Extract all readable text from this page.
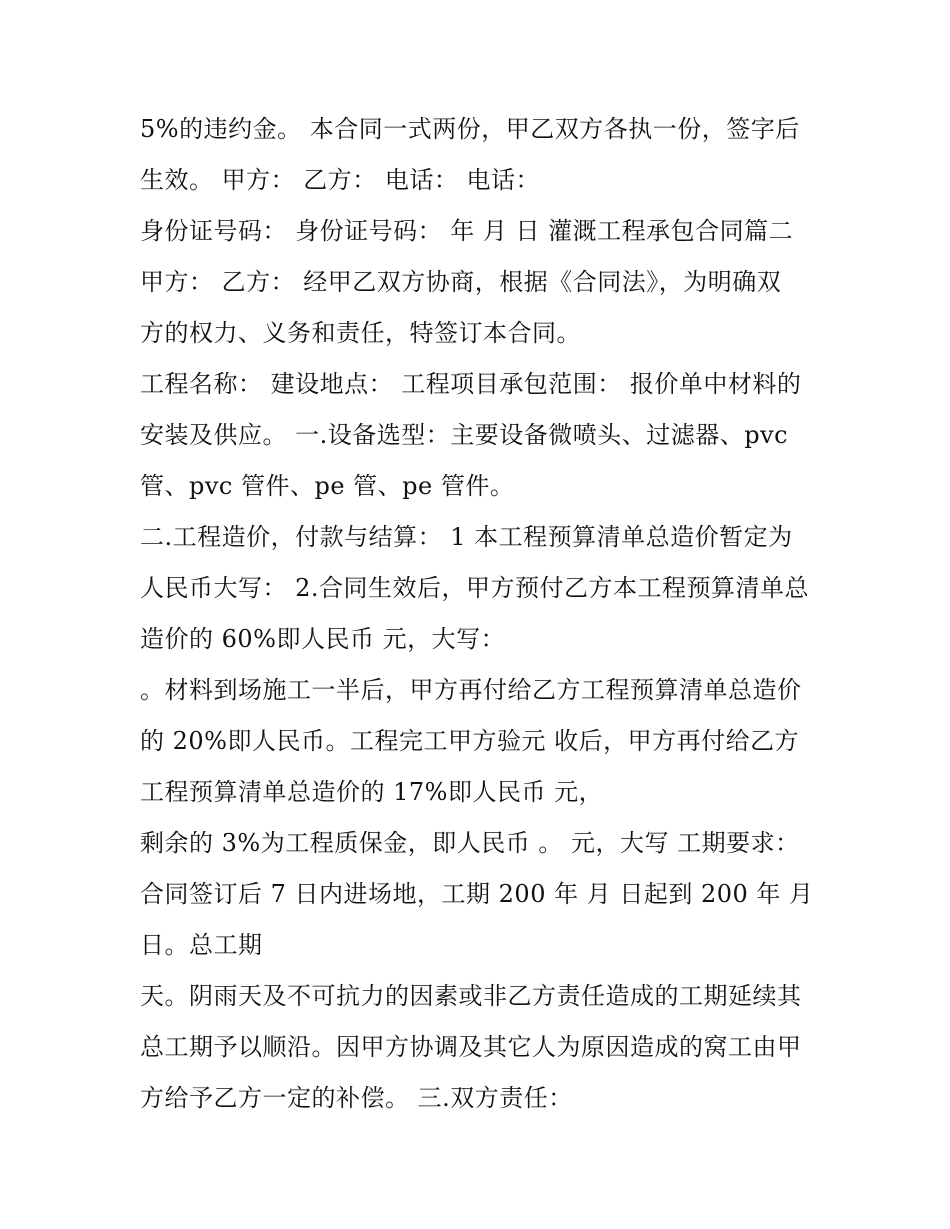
5%的违约金。 本合同一式两份，甲乙双方各执一份，签字后
生效。 甲方： 乙方： 电话： 电话：
身份证号码： 身份证号码： 年 月 日 灌溉工程承包合同篇二
甲方： 乙方： 经甲乙双方协商，根据《合同法》，为明确双
方的权力、义务和责任，特签订本合同。
工程名称： 建设地点： 工程项目承包范围： 报价单中材料的
安装及供应。 一.设备选型：主要设备微喷头、过滤器、pvc
管、pvc 管件、pe 管、pe 管件。
二.工程造价，付款与结算： 1 本工程预算清单总造价暂定为
人民币大写： 2.合同生效后，甲方预付乙方本工程预算清单总
造价的 60%即人民币 元，大写：
。材料到场施工一半后，甲方再付给乙方工程预算清单总造价
的 20%即人民币。工程完工甲方验元 收后，甲方再付给乙方
工程预算清单总造价的 17%即人民币 元，
剩余的 3%为工程质保金，即人民币 。 元，大写 工期要求：
合同签订后 7 日内进场地，工期 200 年 月 日起到 200 年 月
日。总工期
天。阴雨天及不可抗力的因素或非乙方责任造成的工期延续其
总工期予以顺沿。因甲方协调及其它人为原因造成的窝工由甲
方给予乙方一定的补偿。 三.双方责任：
